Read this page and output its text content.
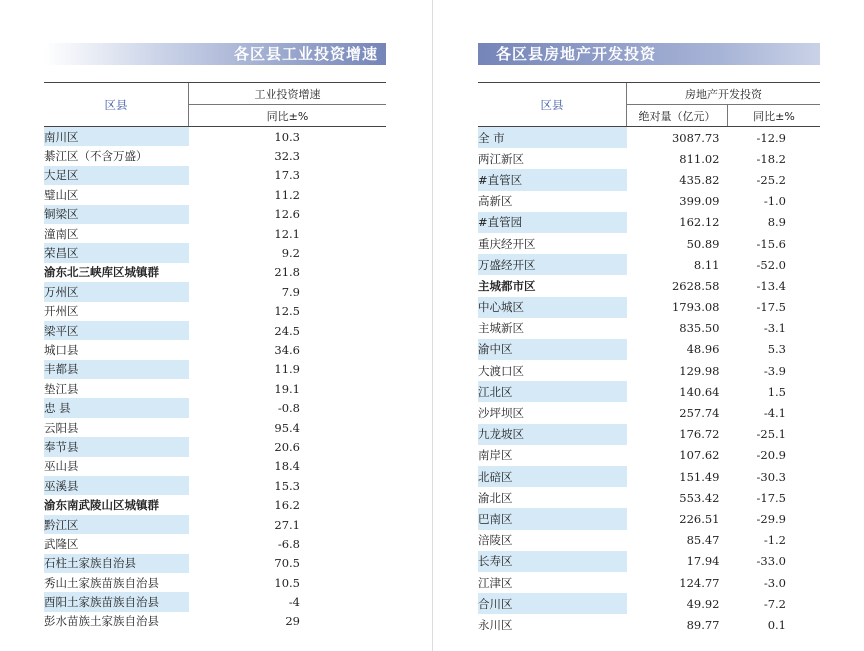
各区县工业投资增速	各区县房地产开发投资
区县	工业投资增速
	同比±%
南川区	10.3
綦江区（不含万盛）	32.3
大足区	17.3
璧山区	11.2
铜梁区	12.6
潼南区	12.1
荣昌区	9.2
渝东北三峡库区城镇群	21.8
万州区	7.9
开州区	12.5
梁平区	24.5
城口县	34.6
丰都县	11.9
垫江县	19.1
忠 县	-0.8
云阳县	95.4
奉节县	20.6
巫山县	18.4
巫溪县	15.3
渝东南武陵山区城镇群	16.2
黔江区	27.1
武隆区	-6.8
石柱土家族自治县	70.5
秀山土家族苗族自治县	10.5
酉阳土家族苗族自治县	-4
彭水苗族土家族自治县	29
区县	房地产开发投资	
	绝对量（亿元）	同比±%
全 市	3087.73	-12.9
两江新区	811.02	-18.2
#直管区	435.82	-25.2
高新区	399.09	-1.0
#直管园	162.12	8.9
重庆经开区	50.89	-15.6
万盛经开区	8.11	-52.0
主城都市区	2628.58	-13.4
中心城区	1793.08	-17.5
主城新区	835.50	-3.1
渝中区	48.96	5.3
大渡口区	129.98	-3.9
江北区	140.64	1.5
沙坪坝区	257.74	-4.1
九龙坡区	176.72	-25.1
南岸区	107.62	-20.9
北碚区	151.49	-30.3
渝北区	553.42	-17.5
巴南区	226.51	-29.9
涪陵区	85.47	-1.2
长寿区	17.94	-33.0
江津区	124.77	-3.0
合川区	49.92	-7.2
永川区	89.77	0.1
